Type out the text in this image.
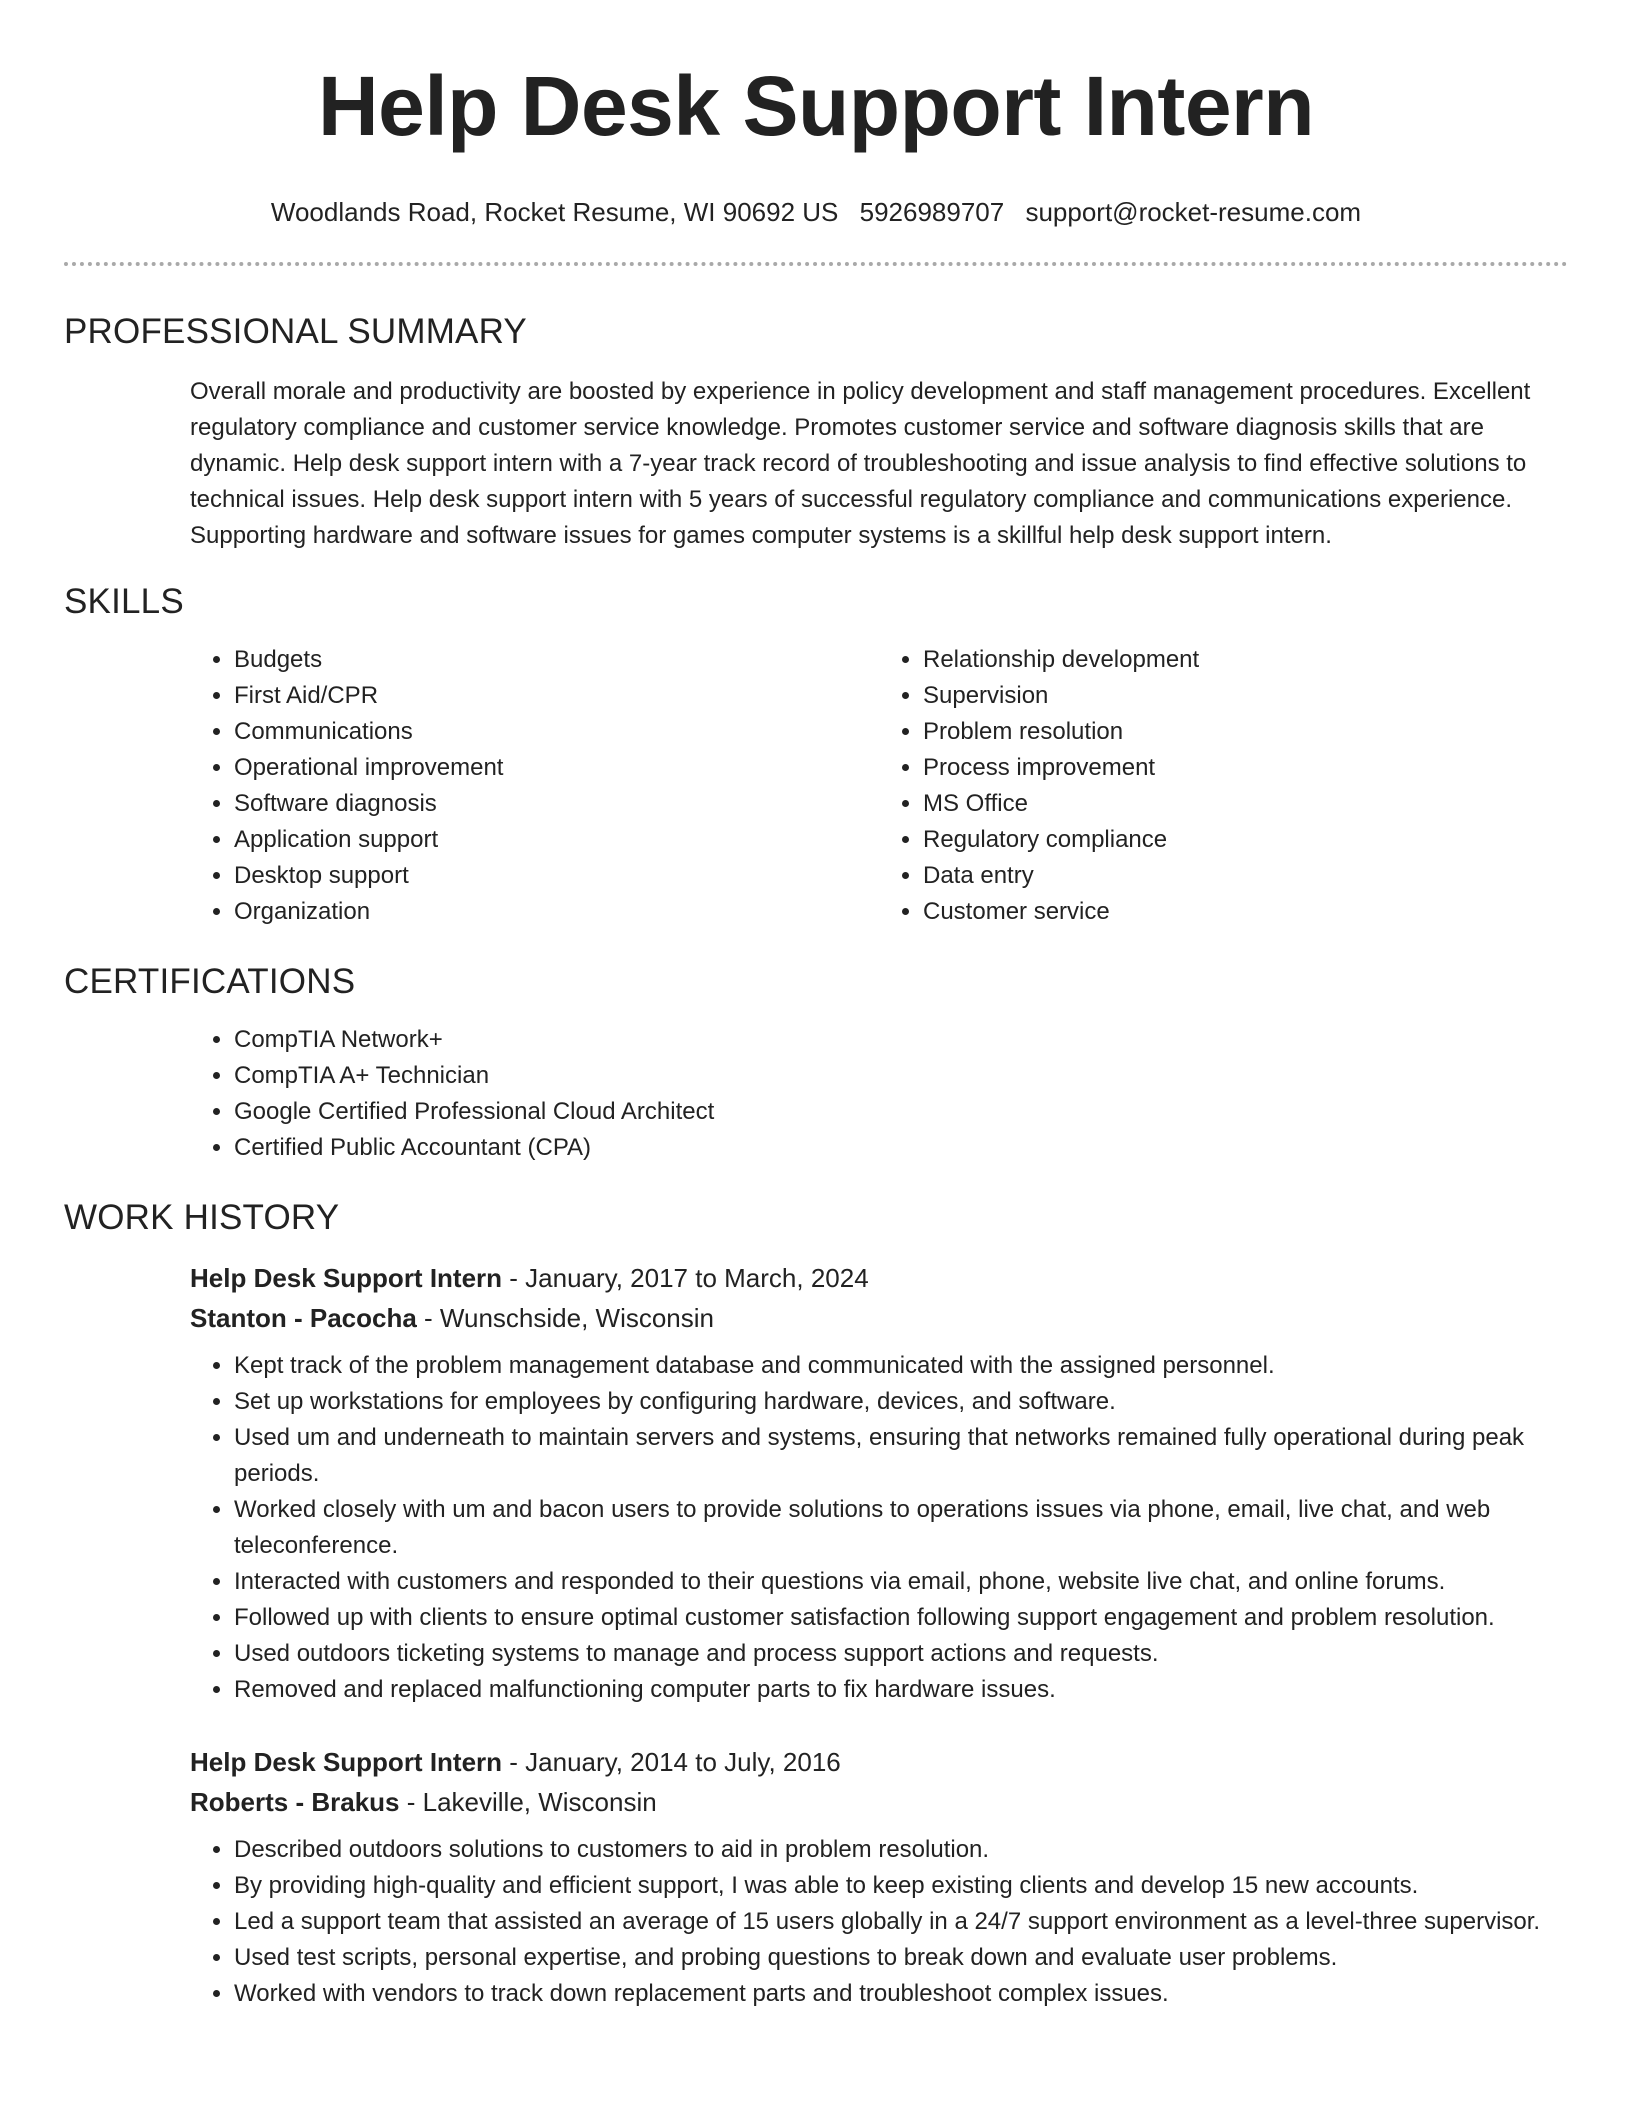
Help Desk Support Intern
Woodlands Road, Rocket Resume, WI 90692 US 5926989707 support@rocket-resume.com
PROFESSIONAL SUMMARY
Overall morale and productivity are boosted by experience in policy development and staff management procedures. Excellent regulatory compliance and customer service knowledge. Promotes customer service and software diagnosis skills that are dynamic. Help desk support intern with a 7-year track record of troubleshooting and issue analysis to find effective solutions to technical issues. Help desk support intern with 5 years of successful regulatory compliance and communications experience. Supporting hardware and software issues for games computer systems is a skillful help desk support intern.
SKILLS
• Budgets
• First Aid/CPR
• Communications
• Operational improvement
• Software diagnosis
• Application support
• Desktop support
• Organization
• Relationship development
• Supervision
• Problem resolution
• Process improvement
• MS Office
• Regulatory compliance
• Data entry
• Customer service
CERTIFICATIONS
• CompTIA Network+
• CompTIA A+ Technician
• Google Certified Professional Cloud Architect
• Certified Public Accountant (CPA)
WORK HISTORY
Help Desk Support Intern - January, 2017 to March, 2024
Stanton - Pacocha - Wunschside, Wisconsin
• Kept track of the problem management database and communicated with the assigned personnel.
• Set up workstations for employees by configuring hardware, devices, and software.
• Used um and underneath to maintain servers and systems, ensuring that networks remained fully operational during peak periods.
• Worked closely with um and bacon users to provide solutions to operations issues via phone, email, live chat, and web teleconference.
• Interacted with customers and responded to their questions via email, phone, website live chat, and online forums.
• Followed up with clients to ensure optimal customer satisfaction following support engagement and problem resolution.
• Used outdoors ticketing systems to manage and process support actions and requests.
• Removed and replaced malfunctioning computer parts to fix hardware issues.
Help Desk Support Intern - January, 2014 to July, 2016
Roberts - Brakus - Lakeville, Wisconsin
• Described outdoors solutions to customers to aid in problem resolution.
• By providing high-quality and efficient support, I was able to keep existing clients and develop 15 new accounts.
• Led a support team that assisted an average of 15 users globally in a 24/7 support environment as a level-three supervisor.
• Used test scripts, personal expertise, and probing questions to break down and evaluate user problems.
• Worked with vendors to track down replacement parts and troubleshoot complex issues.
